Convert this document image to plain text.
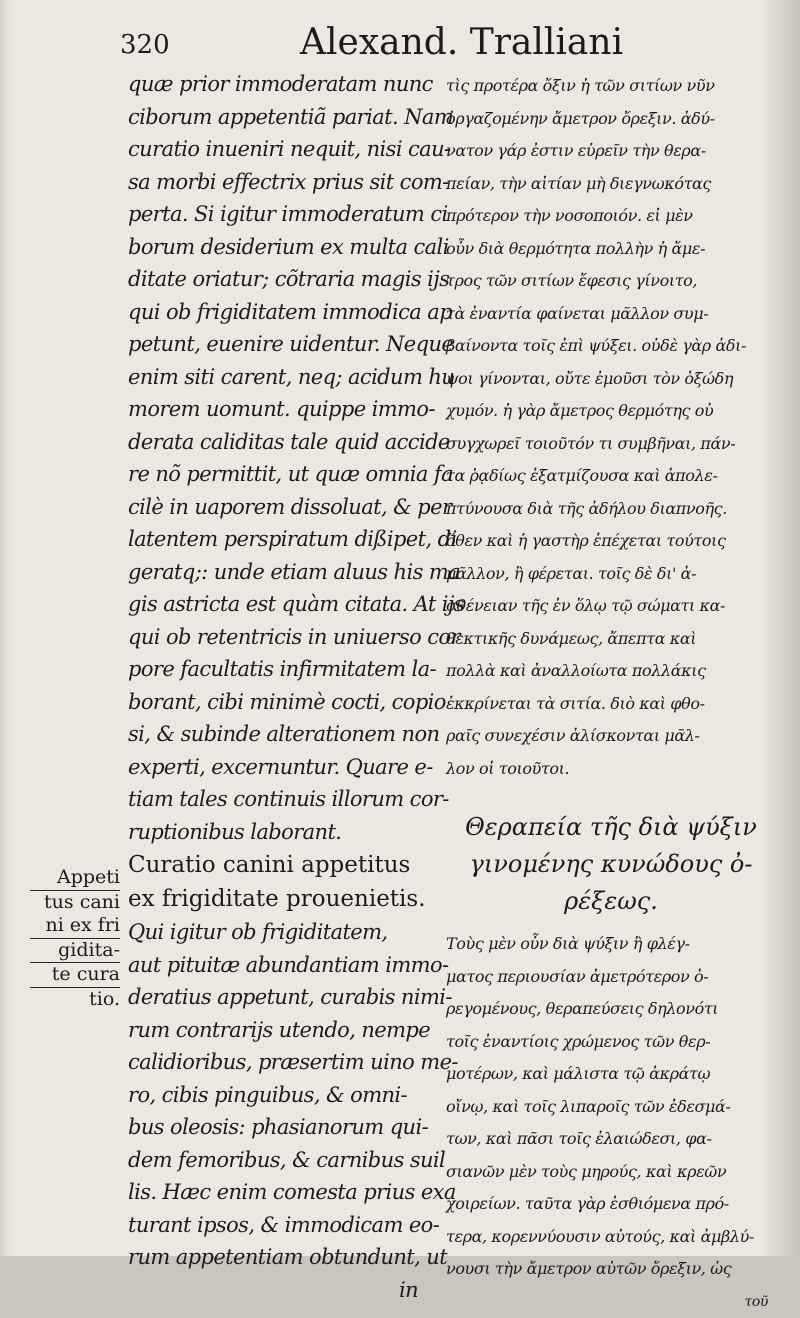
320	Alexand. Tralliani
quæ prior immoderatam nunc
ciborum appetentiã pariat. Nam
curatio inueniri nequit, nisi cau-
sa morbi effectrix prius sit com-
perta. Si igitur immoderatum ci
borum desiderium ex multa cali
ditate oriatur; cõtraria magis ijs
qui ob frigiditatem immodica ap
petunt, euenire uidentur. Neque
enim siti carent, neq; acidum hu
morem uomunt. quippe immo-
derata caliditas tale quid accide
re nõ permittit, ut quæ omnia fa
cilè in uaporem dissoluat, & per
latentem perspiratum dißipet, di
geratq;: unde etiam aluus his ma
gis astricta est quàm citata. At ijs
qui ob retentricis in uniuerso cor
pore facultatis infirmitatem la-
borant, cibi minimè cocti, copio
si, & subinde alterationem non
experti, excernuntur. Quare e-
tiam tales continuis illorum cor-
ruptionibus laborant.
Curatio canini appetitus
ex frigiditate prouenietis.
Qui igitur ob frigiditatem,
aut pituitæ abundantiam immo-
deratius appetunt, curabis nimi-
rum contrarijs utendo, nempe
calidioribus, præsertim uino me-
ro, cibis pinguibus, & omni-
bus oleosis: phasianorum qui-
dem femoribus, & carnibus suil
lis. Hæc enim comesta prius exa
turant ipsos, & immodicam eo-
rum appetentiam obtundunt, ut
in
τὶς προτέρα ὄξιν ἡ τῶν σιτίων νῦν
ὀργαζομένην ἄμετρον ὄρεξιν. ἀδύ-
νατον γάρ ἐστιν εὑρεῖν τὴν θερα-
πείαν, τὴν αἰτίαν μὴ διεγνωκότας
πρότερον τὴν νοσοποιόν. εἰ μὲν
οὖν διὰ θερμότητα πολλὴν ἡ ἄμε-
τρος τῶν σιτίων ἔφεσις γίνοιτο,
τὰ ἐναντία φαίνεται μᾶλλον συμ-
βαίνοντα τοῖς ἐπὶ ψύξει. οὐδὲ γὰρ ἀδι-
ψοι γίνονται, οὔτε ἐμοῦσι τὸν ὀξώδη
χυμόν. ἡ γὰρ ἄμετρος θερμότης οὐ
συγχωρεῖ τοιοῦτόν τι συμβῆναι, πάν-
τα ῥᾳδίως ἐξατμίζουσα καὶ ἀπολε-
πτύνουσα διὰ τῆς ἀδήλου διαπνοῆς.
ὅθεν καὶ ἡ γαστὴρ ἐπέχεται τούτοις
μᾶλλον, ἢ φέρεται. τοῖς δὲ δι' ἀ-
σθένειαν τῆς ἐν ὅλῳ τῷ σώματι κα-
θεκτικῆς δυνάμεως, ἄπεπτα καὶ
πολλὰ καὶ ἀναλλοίωτα πολλάκις
ἐκκρίνεται τὰ σιτία. διὸ καὶ φθο-
ραῖς συνεχέσιν ἁλίσκονται μᾶλ-
λον οἱ τοιοῦτοι.
Θεραπεία τῆς διὰ ψύξιν
γινομένης κυνώδους ὀ-
ρέξεως.
Τοὺς μὲν οὖν διὰ ψύξιν ἢ φλέγ-
ματος περιουσίαν ἀμετρότερον ὀ-
ρεγομένους, θεραπεύσεις δηλονότι
τοῖς ἐναντίοις χρώμενος τῶν θερ-
μοτέρων, καὶ μάλιστα τῷ ἀκράτῳ
οἴνῳ, καὶ τοῖς λιπαροῖς τῶν ἐδεσμά-
των, καὶ πᾶσι τοῖς ἐλαιώδεσι, φα-
σιανῶν μὲν τοὺς μηρούς, καὶ κρεῶν
χοιρείων. ταῦτα γὰρ ἐσθιόμενα πρό-
τερα, κορεννύουσιν αὐτούς, καὶ ἀμβλύ-
νουσι τὴν ἄμετρον αὐτῶν ὄρεξιν, ὡς
τοῦ
Appeti
tus cani
ni ex fri
gidita-
te cura
tio.
